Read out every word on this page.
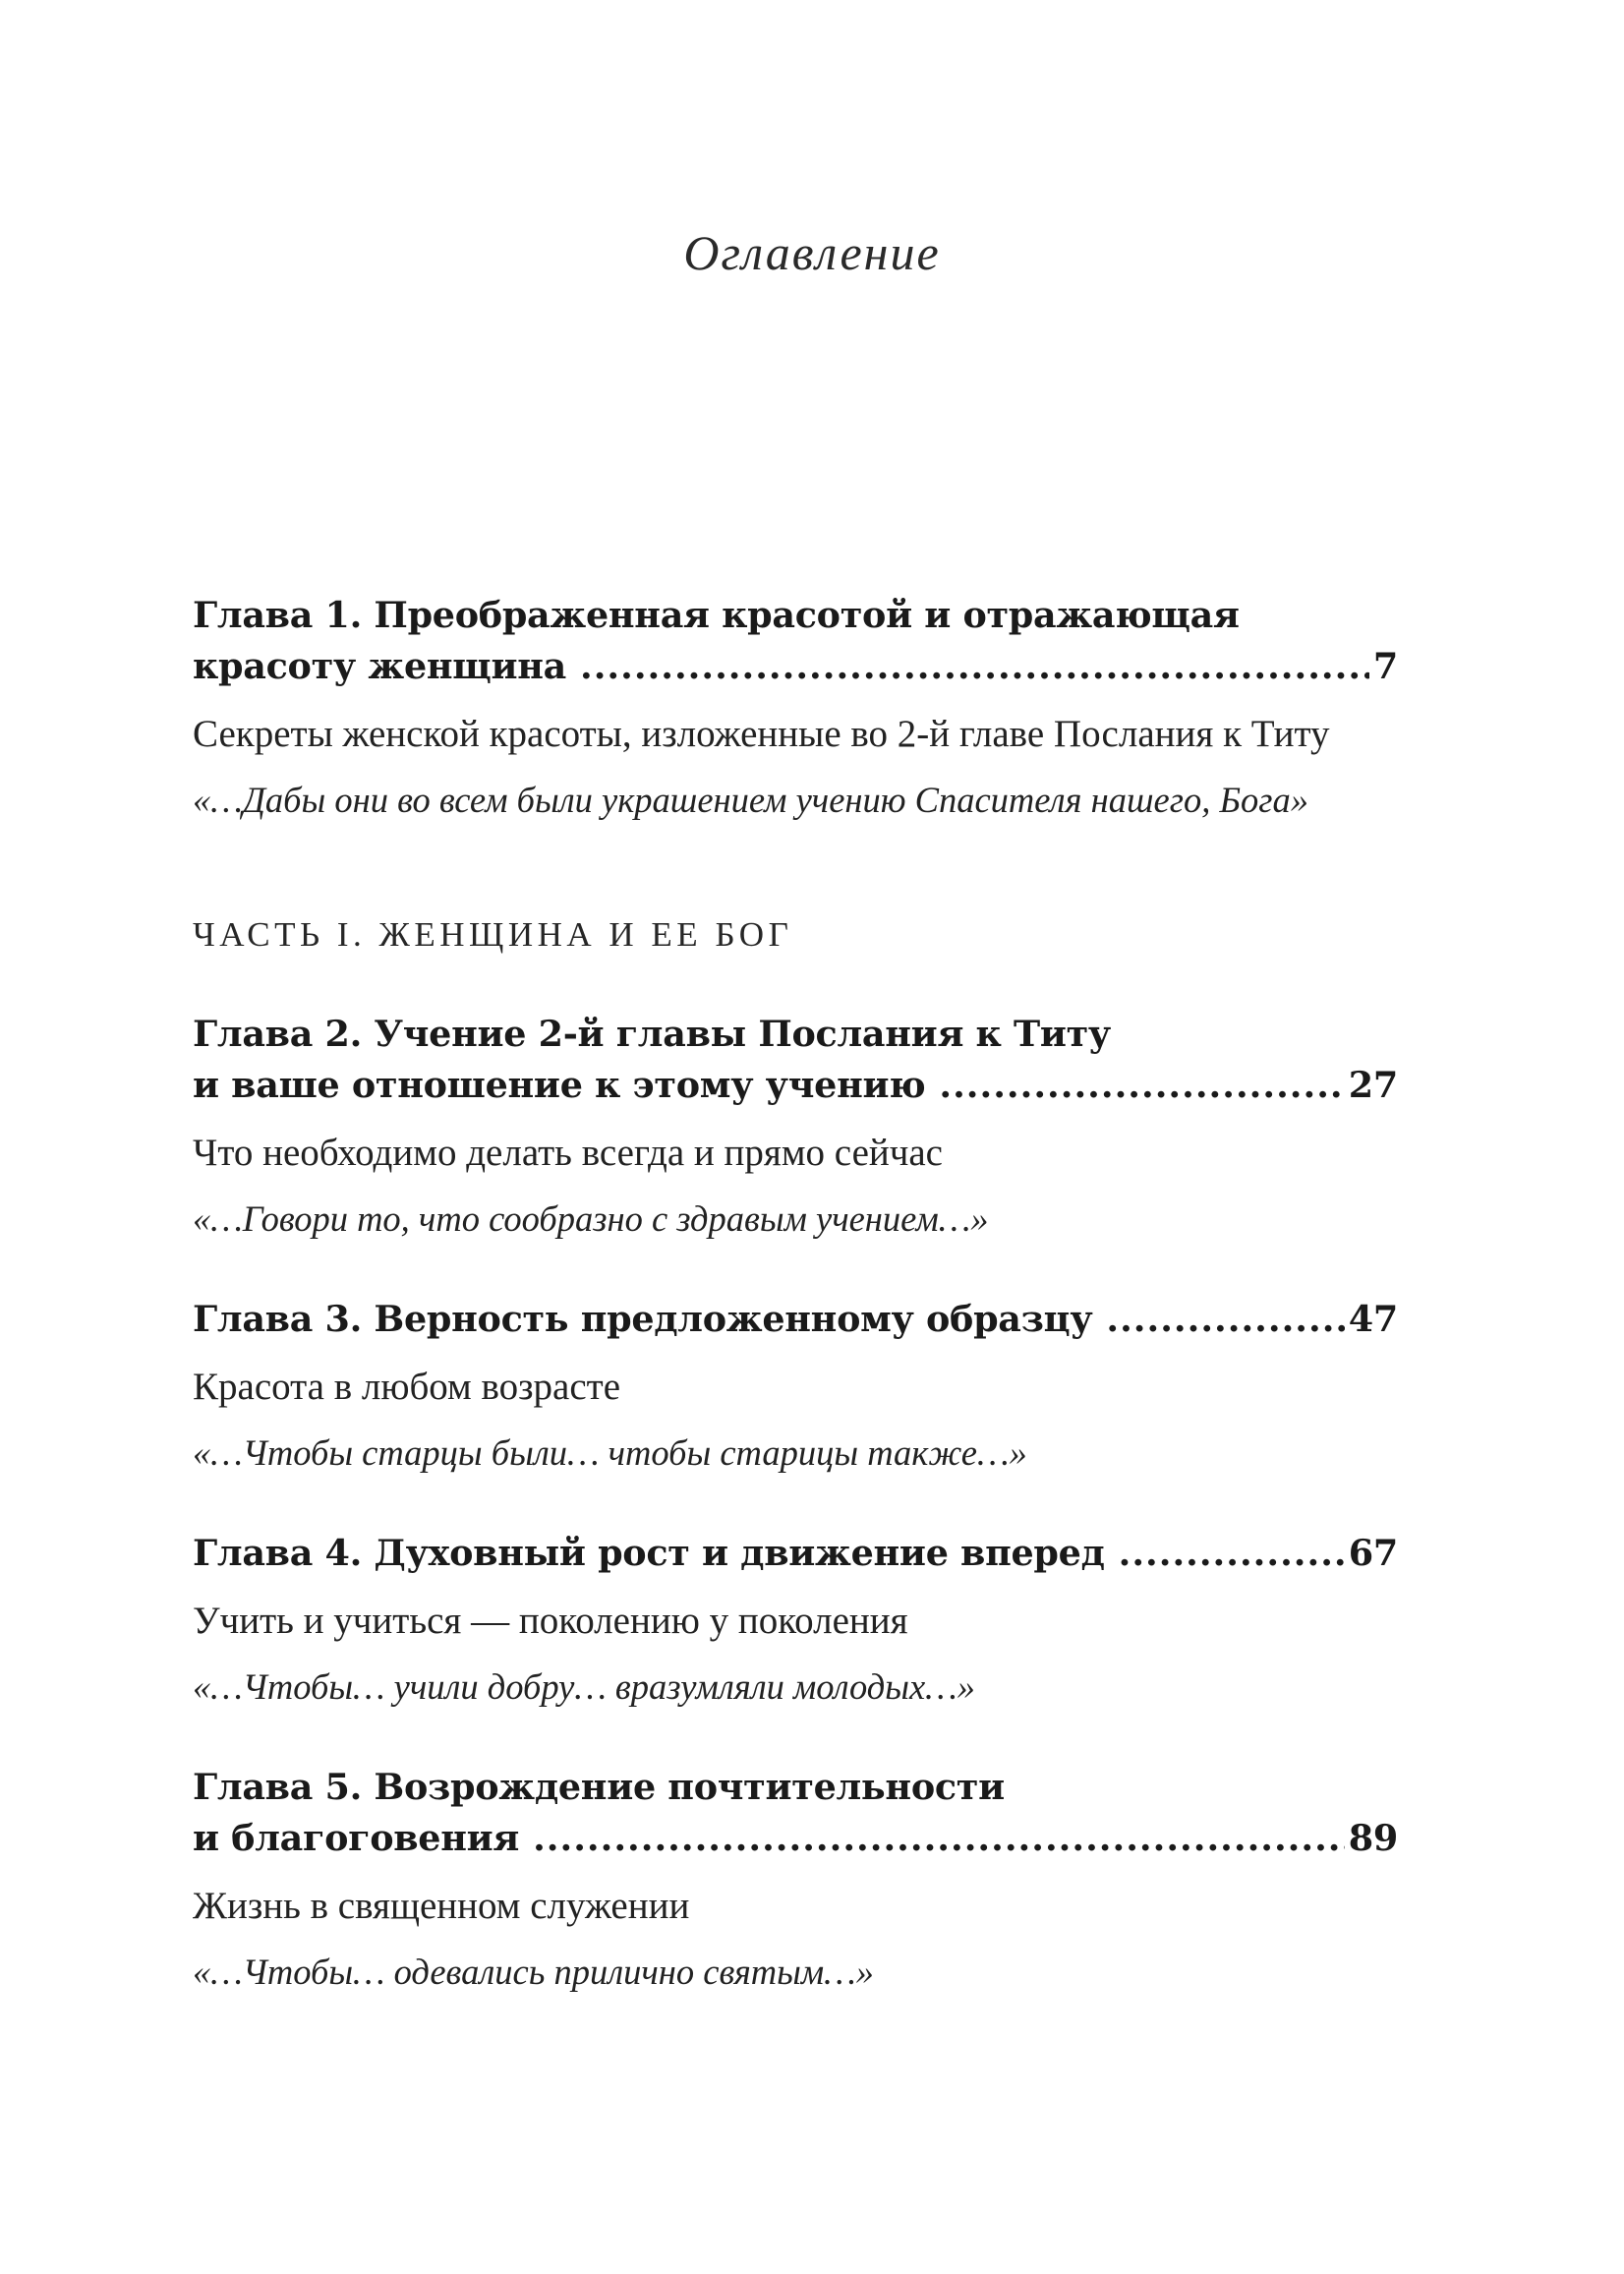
Оглавление
Глава 1. Преображенная красотой и отражающая
красоту женщина .....	7
Секреты женской красоты, изложенные во 2-й главе Послания к Титу
«…Дабы они во всем были украшением учению Спасителя нашего, Бога»
ЧАСТЬ I. ЖЕНЩИНА И ЕЕ БОГ
Глава 2. Учение 2-й главы Послания к Титу
и ваше отношение к этому учению .....	27
Что необходимо делать всегда и прямо сейчас
«…Говори то, что сообразно с здравым учением…»
Глава 3. Верность предложенному образцу .....	47
Красота в любом возрасте
«…Чтобы старцы были… чтобы старицы также…»
Глава 4. Духовный рост и движение вперед .....	67
Учить и учиться — поколению у поколения
«…Чтобы… учили добру… вразумляли молодых…»
Глава 5. Возрождение почтительности
и благоговения .....	89
Жизнь в священном служении
«…Чтобы… одевались прилично святым…»
